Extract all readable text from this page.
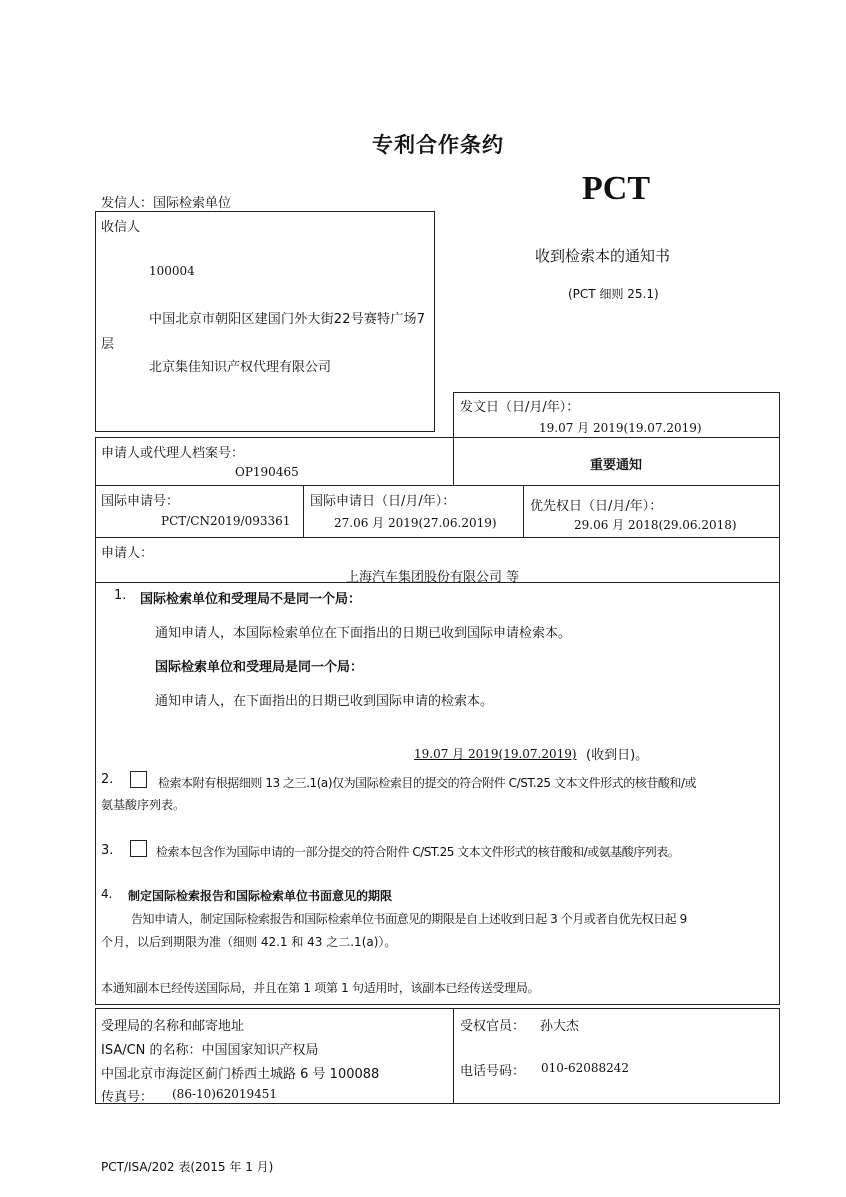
专利合作条约
PCT
发信人：国际检索单位
收信人
100004
中国北京市朝阳区建国门外大街22号赛特广场7
层
北京集佳知识产权代理有限公司
收到检索本的通知书
(PCT 细则 25.1)
发文日（日/月/年）：
19.07 月 2019(19.07.2019)
申请人或代理人档案号：
OP190465	重要通知
国际申请号：
PCT/CN2019/093361
国际申请日（日/月/年）：
27.06 月 2019(27.06.2019)
优先权日（日/月/年）：
29.06 月 2018(29.06.2018)
申请人：
上海汽车集团股份有限公司 等
1. 国际检索单位和受理局不是同一个局：
通知申请人，本国际检索单位在下面指出的日期已收到国际申请检索本。
国际检索单位和受理局是同一个局：
通知申请人，在下面指出的日期已收到国际申请的检索本。
19.07 月 2019(19.07.2019) (收到日)。
2.	检索本附有根据细则 13 之三.1(a)仅为国际检索目的提交的符合附件 C/ST.25 文本文件形式的核苷酸和/或
氨基酸序列表。
3.	检索本包含作为国际申请的一部分提交的符合附件 C/ST.25 文本文件形式的核苷酸和/或氨基酸序列表。
4. 制定国际检索报告和国际检索单位书面意见的期限
告知申请人，制定国际检索报告和国际检索单位书面意见的期限是自上述收到日起 3 个月或者自优先权日起 9
个月，以后到期限为准（细则 42.1 和 43 之二.1(a)）。
本通知副本已经传送国际局，并且在第 1 项第 1 句适用时，该副本已经传送受理局。
受理局的名称和邮寄地址
ISA/CN 的名称：中国国家知识产权局
中国北京市海淀区蓟门桥西土城路 6 号 100088
传真号： (86-10)62019451
受权官员： 孙大杰
电话号码： 010-62088242
PCT/ISA/202 表(2015 年 1 月)
